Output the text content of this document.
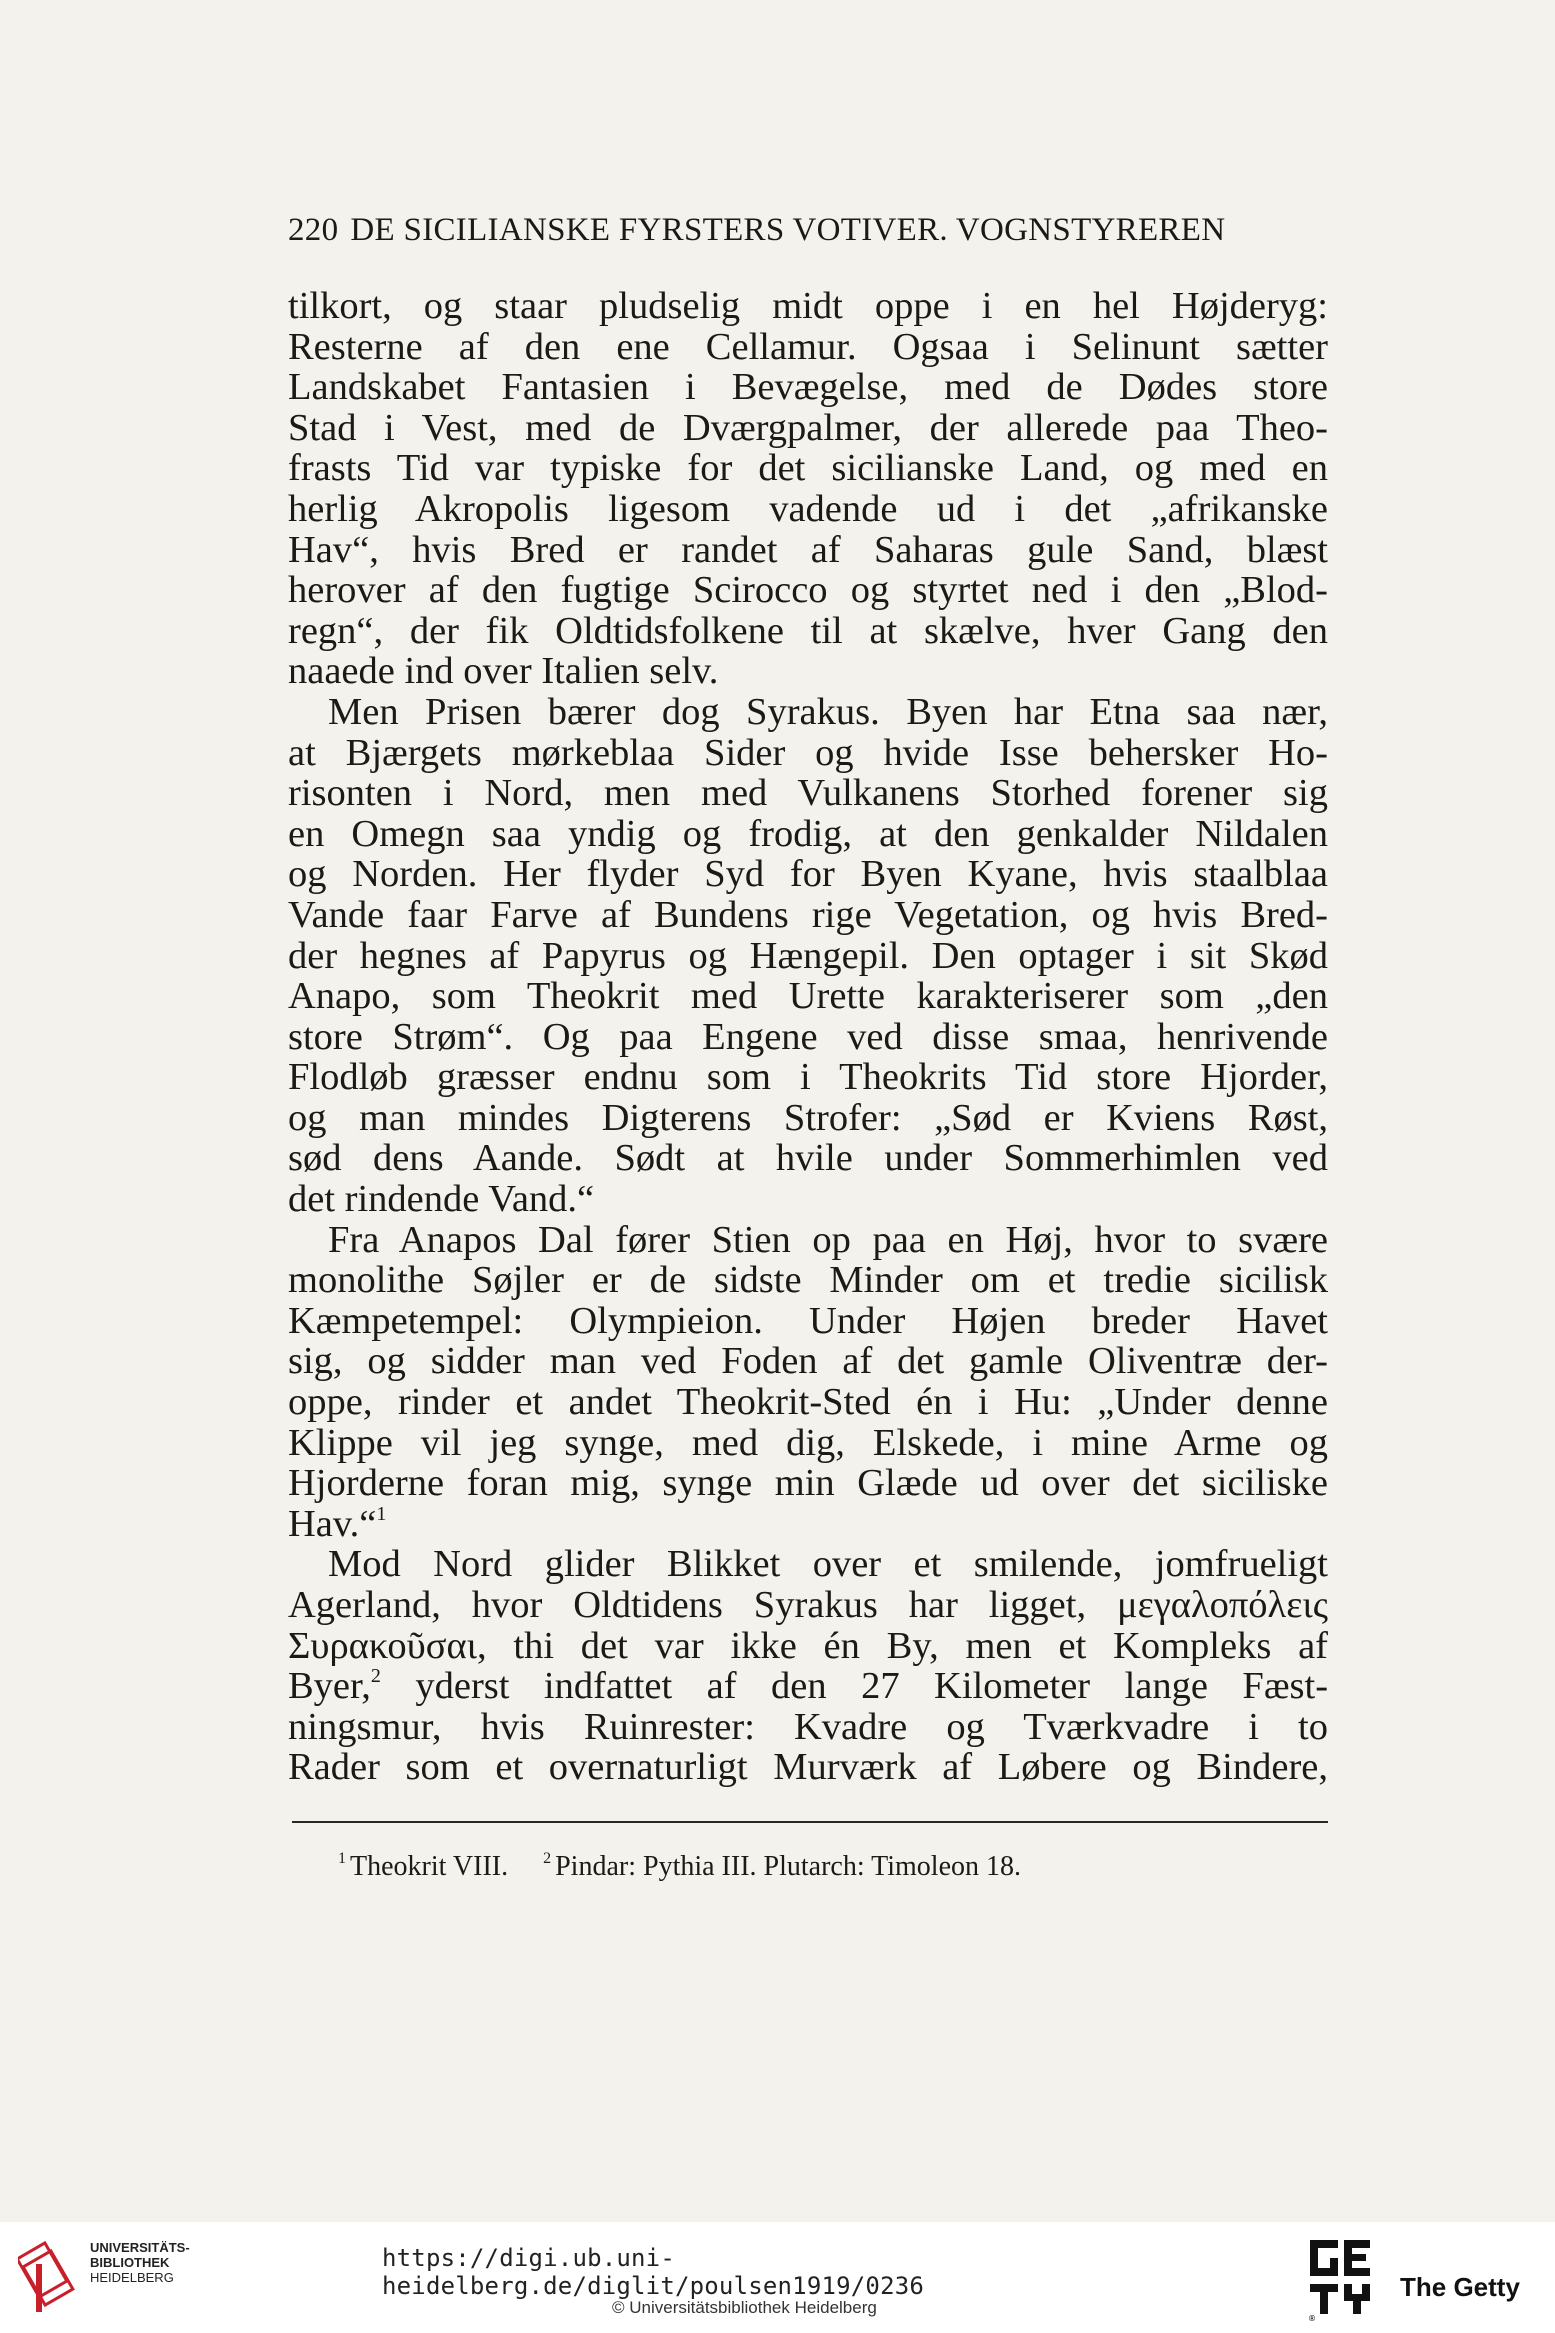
220 DE SICILIANSKE FYRSTERS VOTIVER. VOGNSTYREREN
tilkort, og staar pludselig midt oppe i en hel Højderyg:
Resterne af den ene Cellamur. Ogsaa i Selinunt sætter
Landskabet Fantasien i Bevægelse, med de Dødes store
Stad i Vest, med de Dværgpalmer, der allerede paa Theo-
frasts Tid var typiske for det sicilianske Land, og med en
herlig Akropolis ligesom vadende ud i det „afrikanske
Hav“, hvis Bred er randet af Saharas gule Sand, blæst
herover af den fugtige Scirocco og styrtet ned i den „Blod-
regn“, der fik Oldtidsfolkene til at skælve, hver Gang den
naaede ind over Italien selv.
Men Prisen bærer dog Syrakus. Byen har Etna saa nær,
at Bjærgets mørkeblaa Sider og hvide Isse behersker Ho-
risonten i Nord, men med Vulkanens Storhed forener sig
en Omegn saa yndig og frodig, at den genkalder Nildalen
og Norden. Her flyder Syd for Byen Kyane, hvis staalblaa
Vande faar Farve af Bundens rige Vegetation, og hvis Bred-
der hegnes af Papyrus og Hængepil. Den optager i sit Skød
Anapo, som Theokrit med Urette karakteriserer som „den
store Strøm“. Og paa Engene ved disse smaa, henrivende
Flodløb græsser endnu som i Theokrits Tid store Hjorder,
og man mindes Digterens Strofer: „Sød er Kviens Røst,
sød dens Aande. Sødt at hvile under Sommerhimlen ved
det rindende Vand.“
Fra Anapos Dal fører Stien op paa en Høj, hvor to svære
monolithe Søjler er de sidste Minder om et tredie sicilisk
Kæmpetempel: Olympieion. Under Højen breder Havet
sig, og sidder man ved Foden af det gamle Oliventræ der-
oppe, rinder et andet Theokrit-Sted én i Hu: „Under denne
Klippe vil jeg synge, med dig, Elskede, i mine Arme og
Hjorderne foran mig, synge min Glæde ud over det siciliske
Hav.“$^1$
Mod Nord glider Blikket over et smilende, jomfrueligt
Agerland, hvor Oldtidens Syrakus har ligget, μεγαλοπόλεις
Συρακοῦσαι, thi det var ikke én By, men et Kompleks af
Byer,$^2$ yderst indfattet af den 27 Kilometer lange Fæst-
ningsmur, hvis Ruinrester: Kvadre og Tværkvadre i to
Rader som et overnaturligt Murværk af Løbere og Bindere,
$^1$ Theokrit VIII. $^2$ Pindar: Pythia III. Plutarch: Timoleon 18.
UNIVERSITÄTS-
BIBLIOTHEK
HEIDELBERG
https://digi.ub.uni-heidelberg.de/diglit/poulsen1919/0236
© Universitätsbibliothek Heidelberg
®
The Getty
